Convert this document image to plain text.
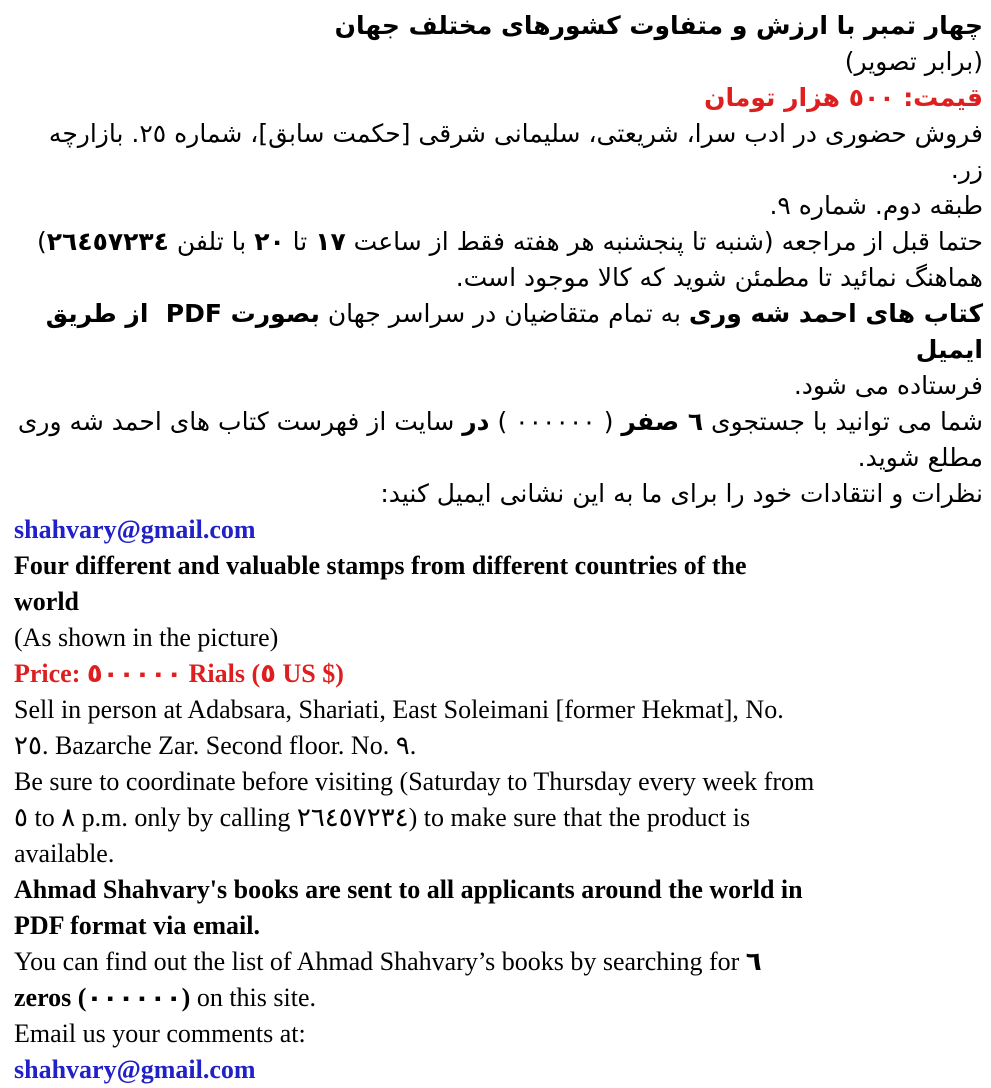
چهار تمبر با ارزش و متفاوت کشورهای مختلف جهان
(برابر تصویر)
قیمت: ٥٠٠ هزار تومان
فروش حضوری در ادب سرا، شریعتی، سلیمانی شرقی [حکمت سابق]، شماره ٢٥. بازارچه زر.
طبقه دوم. شماره ٩.
حتما قبل از مراجعه (شنبه تا پنجشنبه هر هفته فقط از ساعت ١٧ تا ٢٠ با تلفن ٢٦٤٥٧٢٣٤)
هماهنگ نمائید تا مطمئن شوید که کالا موجود است.
کتاب های احمد شه وری به تمام متقاضیان در سراسر جهان بصورت PDF  از طریق ایمیل
فرستاده می شود.
شما می توانید با جستجوی ٦ صفر ( ٠٠٠٠٠٠ ) در سایت از فهرست کتاب های احمد شه وری
مطلع شوید.
نظرات و انتقادات خود را برای ما به این نشانی ایمیل کنید:
shahvary@gmail.com
Four different and valuable stamps from different countries of the
world
(As shown in the picture)
Price: ٥٠٠٠٠٠ Rials (٥ US $)
Sell in person at Adabsara, Shariati, East Soleimani [former Hekmat], No.
٢٥. Bazarche Zar. Second floor. No. ٩.
Be sure to coordinate before visiting (Saturday to Thursday every week from
٥ to ٨ p.m. only by calling ٢٦٤٥٧٢٣٤) to make sure that the product is
available.
Ahmad Shahvary's books are sent to all applicants around the world in
PDF format via email.
You can find out the list of Ahmad Shahvary’s books by searching for ٦
zeros (٠٠٠٠٠٠) on this site.
Email us your comments at:
shahvary@gmail.com
